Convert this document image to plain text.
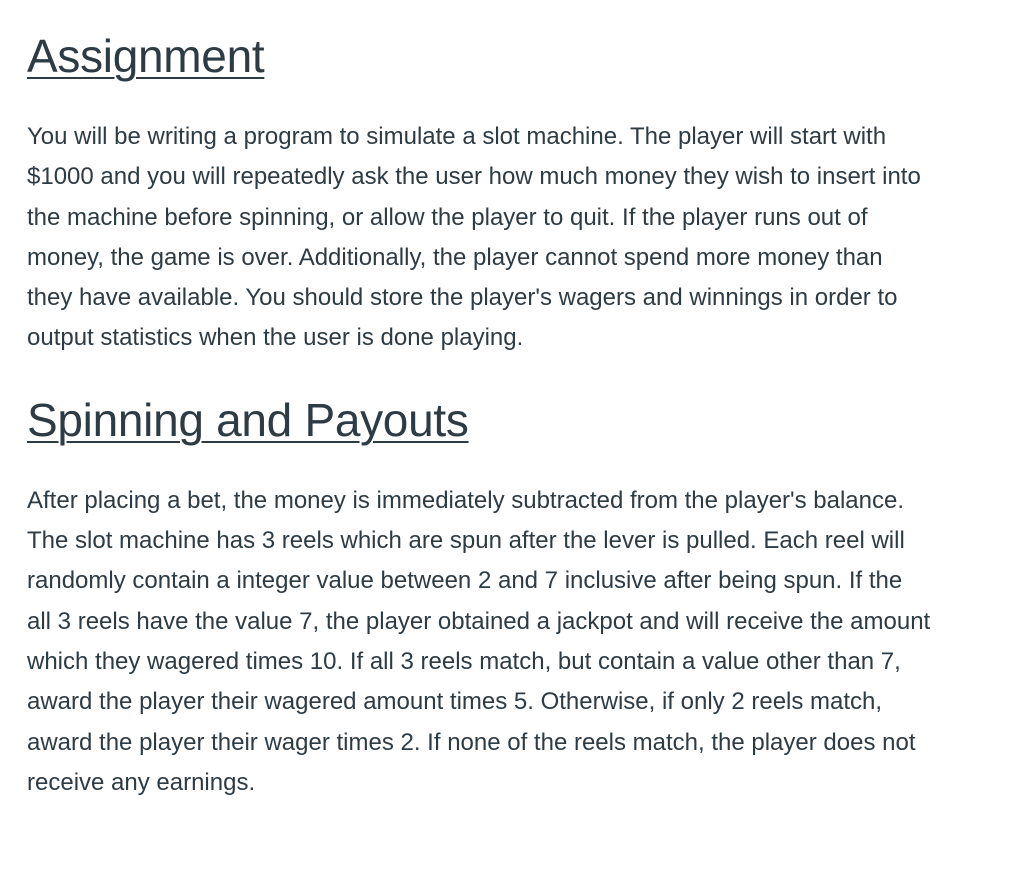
Assignment

You will be writing a program to simulate a slot machine. The player will start with $1000 and you will repeatedly ask the user how much money they wish to insert into the machine before spinning, or allow the player to quit. If the player runs out of money, the game is over. Additionally, the player cannot spend more money than they have available. You should store the player's wagers and winnings in order to output statistics when the user is done playing.

Spinning and Payouts

After placing a bet, the money is immediately subtracted from the player's balance. The slot machine has 3 reels which are spun after the lever is pulled. Each reel will randomly contain a integer value between 2 and 7 inclusive after being spun. If the all 3 reels have the value 7, the player obtained a jackpot and will receive the amount which they wagered times 10. If all 3 reels match, but contain a value other than 7, award the player their wagered amount times 5. Otherwise, if only 2 reels match, award the player their wager times 2. If none of the reels match, the player does not receive any earnings.
